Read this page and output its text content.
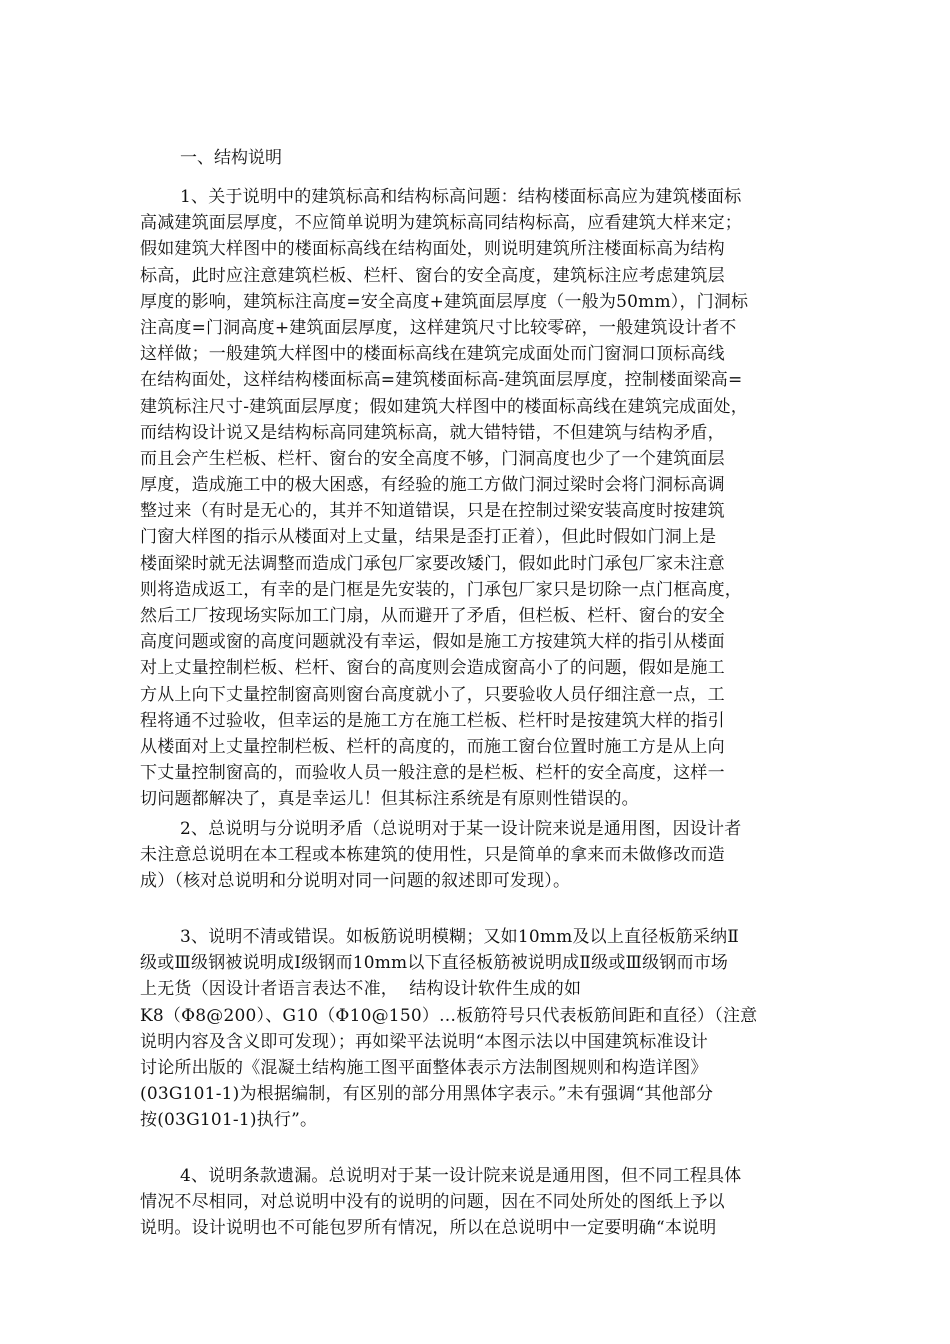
一、结构说明
1、关于说明中的建筑标高和结构标高问题：结构楼面标高应为建筑楼面标
高减建筑面层厚度，不应简单说明为建筑标高同结构标高，应看建筑大样来定；
假如建筑大样图中的楼面标高线在结构面处，则说明建筑所注楼面标高为结构
标高，此时应注意建筑栏板、栏杆、窗台的安全高度，建筑标注应考虑建筑层
厚度的影响，建筑标注高度=安全高度+建筑面层厚度（一般为50mm），门洞标
注高度=门洞高度+建筑面层厚度，这样建筑尺寸比较零碎，一般建筑设计者不
这样做；一般建筑大样图中的楼面标高线在建筑完成面处而门窗洞口顶标高线
在结构面处，这样结构楼面标高=建筑楼面标高-建筑面层厚度，控制楼面梁高=
建筑标注尺寸-建筑面层厚度；假如建筑大样图中的楼面标高线在建筑完成面处，
而结构设计说又是结构标高同建筑标高，就大错特错，不但建筑与结构矛盾，
而且会产生栏板、栏杆、窗台的安全高度不够，门洞高度也少了一个建筑面层
厚度，造成施工中的极大困惑，有经验的施工方做门洞过梁时会将门洞标高调
整过来（有时是无心的，其并不知道错误，只是在控制过梁安装高度时按建筑
门窗大样图的指示从楼面对上丈量，结果是歪打正着），但此时假如门洞上是
楼面梁时就无法调整而造成门承包厂家要改矮门，假如此时门承包厂家未注意
则将造成返工，有幸的是门框是先安装的，门承包厂家只是切除一点门框高度，
然后工厂按现场实际加工门扇，从而避开了矛盾，但栏板、栏杆、窗台的安全
高度问题或窗的高度问题就没有幸运，假如是施工方按建筑大样的指引从楼面
对上丈量控制栏板、栏杆、窗台的高度则会造成窗高小了的问题，假如是施工
方从上向下丈量控制窗高则窗台高度就小了，只要验收人员仔细注意一点，工
程将通不过验收，但幸运的是施工方在施工栏板、栏杆时是按建筑大样的指引
从楼面对上丈量控制栏板、栏杆的高度的，而施工窗台位置时施工方是从上向
下丈量控制窗高的，而验收人员一般注意的是栏板、栏杆的安全高度，这样一
切问题都解决了，真是幸运儿！但其标注系统是有原则性错误的。
2、总说明与分说明矛盾（总说明对于某一设计院来说是通用图，因设计者
未注意总说明在本工程或本栋建筑的使用性，只是简单的拿来而未做修改而造
成）（核对总说明和分说明对同一问题的叙述即可发现）。
3、说明不清或错误。如板筋说明模糊；又如10mm及以上直径板筋采纳Ⅱ
级或Ⅲ级钢被说明成Ⅰ级钢而10mm以下直径板筋被说明成Ⅱ级或Ⅲ级钢而市场
上无货（因设计者语言表达不准，  结构设计软件生成的如
K8（Φ8@200）、G10（Φ10@150）…板筋符号只代表板筋间距和直径）（注意
说明内容及含义即可发现）；再如梁平法说明“本图示法以中国建筑标准设计
讨论所出版的《混凝土结构施工图平面整体表示方法制图规则和构造详图》
(03G101-1)为根据编制，有区别的部分用黑体字表示。”未有强调“其他部分
按(03G101-1)执行”。
4、说明条款遗漏。总说明对于某一设计院来说是通用图，但不同工程具体
情况不尽相同，对总说明中没有的说明的问题，因在不同处所处的图纸上予以
说明。设计说明也不可能包罗所有情况，所以在总说明中一定要明确“本说明
